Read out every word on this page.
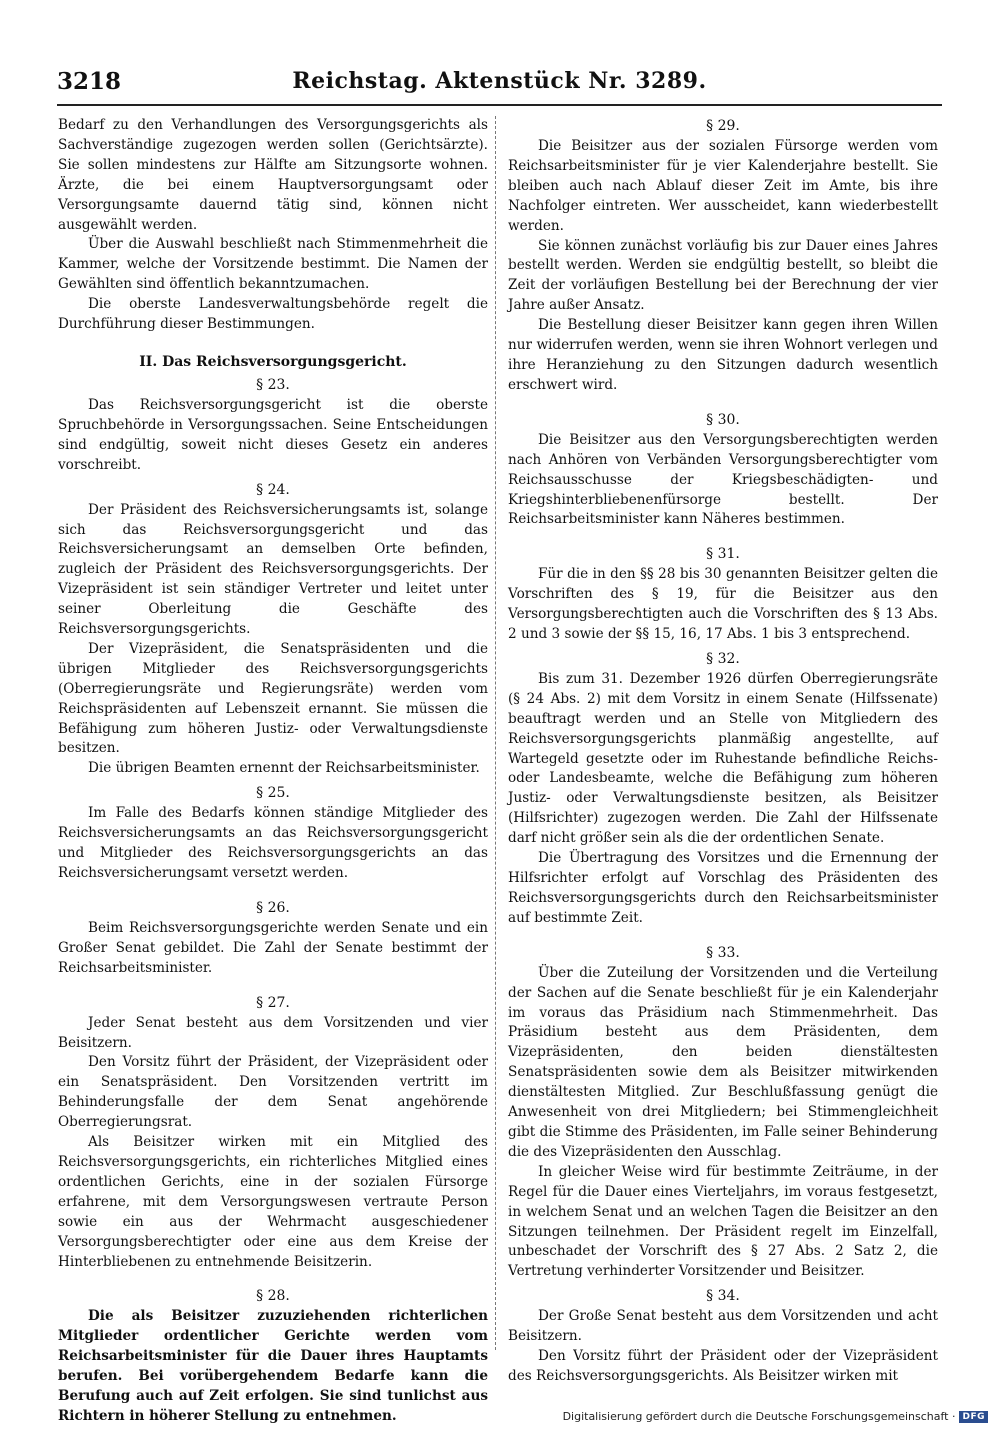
3218	Reichstag. Aktenstück Nr. 3289.

Bedarf zu den Verhandlungen des Versorgungsgerichts als Sachverständige zugezogen werden sollen (Gerichtsärzte). Sie sollen mindestens zur Hälfte am Sitzungsorte wohnen. Ärzte, die bei einem Hauptversorgungsamt oder Versorgungsamte dauernd tätig sind, können nicht ausgewählt werden.

Über die Auswahl beschließt nach Stimmenmehrheit die Kammer, welche der Vorsitzende bestimmt. Die Namen der Gewählten sind öffentlich bekanntzumachen.

Die oberste Landesverwaltungsbehörde regelt die Durchführung dieser Bestimmungen.

II. Das Reichsversorgungsgericht.
§ 23.

Das Reichsversorgungsgericht ist die oberste Spruchbehörde in Versorgungssachen. Seine Entscheidungen sind endgültig, soweit nicht dieses Gesetz ein anderes vorschreibt.

§ 24.

Der Präsident des Reichsversicherungsamts ist, solange sich das Reichsversorgungsgericht und das Reichsversicherungsamt an demselben Orte befinden, zugleich der Präsident des Reichsversorgungsgerichts. Der Vizepräsident ist sein ständiger Vertreter und leitet unter seiner Oberleitung die Geschäfte des Reichsversorgungsgerichts.

Der Vizepräsident, die Senatspräsidenten und die übrigen Mitglieder des Reichsversorgungsgerichts (Oberregierungsräte und Regierungsräte) werden vom Reichspräsidenten auf Lebenszeit ernannt. Sie müssen die Befähigung zum höheren Justiz- oder Verwaltungsdienste besitzen.

Die übrigen Beamten ernennt der Reichsarbeitsminister.

§ 25.

Im Falle des Bedarfs können ständige Mitglieder des Reichsversicherungsamts an das Reichsversorgungsgericht und Mitglieder des Reichsversorgungsgerichts an das Reichsversicherungsamt versetzt werden.

§ 26.

Beim Reichsversorgungsgerichte werden Senate und ein Großer Senat gebildet. Die Zahl der Senate bestimmt der Reichsarbeitsminister.

§ 27.

Jeder Senat besteht aus dem Vorsitzenden und vier Beisitzern.

Den Vorsitz führt der Präsident, der Vizepräsident oder ein Senatspräsident. Den Vorsitzenden vertritt im Behinderungsfalle der dem Senat angehörende Oberregierungsrat.

Als Beisitzer wirken mit ein Mitglied des Reichsversorgungsgerichts, ein richterliches Mitglied eines ordentlichen Gerichts, eine in der sozialen Fürsorge erfahrene, mit dem Versorgungswesen vertraute Person sowie ein aus der Wehrmacht ausgeschiedener Versorgungsberechtigter oder eine aus dem Kreise der Hinterbliebenen zu entnehmende Beisitzerin.

§ 28.

Die als Beisitzer zuzuziehenden richterlichen Mitglieder ordentlicher Gerichte werden vom Reichsarbeitsminister für die Dauer ihres Hauptamts berufen. Bei vorübergehendem Bedarfe kann die Berufung auch auf Zeit erfolgen. Sie sind tunlichst aus Richtern in höherer Stellung zu entnehmen.

§ 29.

Die Beisitzer aus der sozialen Fürsorge werden vom Reichsarbeitsminister für je vier Kalenderjahre bestellt. Sie bleiben auch nach Ablauf dieser Zeit im Amte, bis ihre Nachfolger eintreten. Wer ausscheidet, kann wiederbestellt werden.

Sie können zunächst vorläufig bis zur Dauer eines Jahres bestellt werden. Werden sie endgültig bestellt, so bleibt die Zeit der vorläufigen Bestellung bei der Berechnung der vier Jahre außer Ansatz.

Die Bestellung dieser Beisitzer kann gegen ihren Willen nur widerrufen werden, wenn sie ihren Wohnort verlegen und ihre Heranziehung zu den Sitzungen dadurch wesentlich erschwert wird.

§ 30.

Die Beisitzer aus den Versorgungsberechtigten werden nach Anhören von Verbänden Versorgungsberechtigter vom Reichsausschusse der Kriegsbeschädigten- und Kriegshinterbliebenenfürsorge bestellt. Der Reichsarbeitsminister kann Näheres bestimmen.

§ 31.

Für die in den §§ 28 bis 30 genannten Beisitzer gelten die Vorschriften des § 19, für die Beisitzer aus den Versorgungsberechtigten auch die Vorschriften des § 13 Abs. 2 und 3 sowie der §§ 15, 16, 17 Abs. 1 bis 3 entsprechend.

§ 32.

Bis zum 31. Dezember 1926 dürfen Oberregierungsräte (§ 24 Abs. 2) mit dem Vorsitz in einem Senate (Hilfssenate) beauftragt werden und an Stelle von Mitgliedern des Reichsversorgungsgerichts planmäßig angestellte, auf Wartegeld gesetzte oder im Ruhestande befindliche Reichs- oder Landesbeamte, welche die Befähigung zum höheren Justiz- oder Verwaltungsdienste besitzen, als Beisitzer (Hilfsrichter) zugezogen werden. Die Zahl der Hilfssenate darf nicht größer sein als die der ordentlichen Senate.

Die Übertragung des Vorsitzes und die Ernennung der Hilfsrichter erfolgt auf Vorschlag des Präsidenten des Reichsversorgungsgerichts durch den Reichsarbeitsminister auf bestimmte Zeit.

§ 33.

Über die Zuteilung der Vorsitzenden und die Verteilung der Sachen auf die Senate beschließt für je ein Kalenderjahr im voraus das Präsidium nach Stimmenmehrheit. Das Präsidium besteht aus dem Präsidenten, dem Vizepräsidenten, den beiden dienstältesten Senatspräsidenten sowie dem als Beisitzer mitwirkenden dienstältesten Mitglied. Zur Beschlußfassung genügt die Anwesenheit von drei Mitgliedern; bei Stimmengleichheit gibt die Stimme des Präsidenten, im Falle seiner Behinderung die des Vizepräsidenten den Ausschlag.

In gleicher Weise wird für bestimmte Zeiträume, in der Regel für die Dauer eines Vierteljahrs, im voraus festgesetzt, in welchem Senat und an welchen Tagen die Beisitzer an den Sitzungen teilnehmen. Der Präsident regelt im Einzelfall, unbeschadet der Vorschrift des § 27 Abs. 2 Satz 2, die Vertretung verhinderter Vorsitzender und Beisitzer.

§ 34.

Der Große Senat besteht aus dem Vorsitzenden und acht Beisitzern.

Den Vorsitz führt der Präsident oder der Vizepräsident des Reichsversorgungsgerichts. Als Beisitzer wirken mit

Digitalisierung gefördert durch die Deutsche Forschungsgemeinschaft · DFG
